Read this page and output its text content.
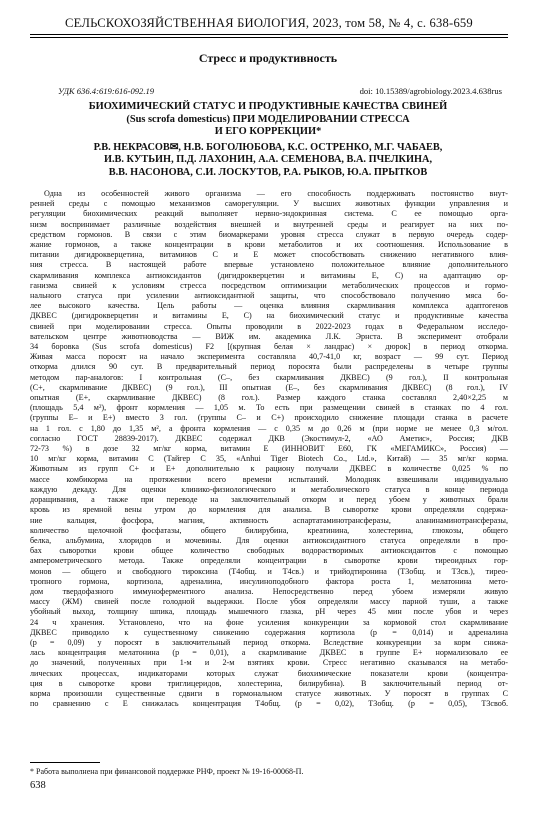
СЕЛЬСКОХОЗЯЙСТВЕННАЯ БИОЛОГИЯ, 2023, том 58, № 4, с. 638-659
Стресс и продуктивность
УДК 636.4:619:616-092.19	doi: 10.15389/agrobiology.2023.4.638rus
БИОХИМИЧЕСКИЙ СТАТУС И ПРОДУКТИВНЫЕ КАЧЕСТВА СВИНЕЙ
(Sus scrofa domesticus) ПРИ МОДЕЛИРОВАНИИ СТРЕССА
И ЕГО КОРРЕКЦИИ*
Р.В. НЕКРАСОВ✉, Н.В. БОГОЛЮБОВА, К.С. ОСТРЕНКО, М.Г. ЧАБАЕВ,
И.В. КУТЬИН, П.Д. ЛАХОНИН, А.А. СЕМЕНОВА, В.А. ПЧЕЛКИНА,
В.В. НАСОНОВА, С.И. ЛОСКУТОВ, Р.А. РЫКОВ, Ю.А. ПРЫТКОВ
Одна из особенностей живого организма — его способность поддерживать постоянство внут-
ренней среды с помощью механизмов саморегуляции. У высших животных функции управления и
регуляции биохимических реакций выполняет нервно-эндокринная система. С ее помощью орга-
низм воспринимает различные воздействия внешней и внутренней среды и реагирует на них по-
средством гормонов. В связи с этим биомаркерами уровня стресса служат в первую очередь содер-
жание гормонов, а также концентрации в крови метаболитов и их соотношения. Использование в
питании дигидрокверцетина, витаминов С и Е может способствовать снижению негативного влия-
ния стресса. В настоящей работе впервые установлено положительное влияние дополнительного
скармливания комплекса антиоксидантов (дигидрокверцетин и витамины Е, С) на адаптацию ор-
ганизма свиней к условиям стресса посредством оптимизации метаболических процессов и гормо-
нального статуса при усилении антиоксидантной защиты, что способствовало получению мяса бо-
лее высокого качества. Цель работы — оценка влияния скармливания комплекса адаптогенов
ДКВЕС (дигидрокверцетин и витамины Е, С) на биохимический статус и продуктивные качества
свиней при моделировании стресса. Опыты проводили в 2022-2023 годах в Федеральном исследо-
вательском центре животноводства — ВИЖ им. академика Л.К. Эрнста. В эксперимент отобрали
34 боровка (Sus scrofa domesticus) F2 [(крупная белая × ландрас) × дюрок] в период откорма.
Живая масса поросят на начало эксперимента составляла 40,7-41,0 кг, возраст — 99 сут. Период
откорма длился 90 сут. В предварительный период поросята были распределены в четыре группы
методом пар-аналогов: I контрольная (С–, без скармливания ДКВЕС) (9 гол.), II контрольная
(С+, скармливание ДКВЕС) (9 гол.), III опытная (Е–, без скармливания ДКВЕС) (8 гол.), IV
опытная (Е+, скармливание ДКВЕС) (8 гол.). Размер каждого станка составлял 2,40×2,25 м
(площадь 5,4 м²), фронт кормления — 1,05 м. То есть при размещении свиней в станках по 4 гол.
(группы Е– и Е+) вместо 3 гол. (группы С– и С+) происходило снижение площади станка в расчете
на 1 гол. с 1,80 до 1,35 м², а фронта кормления — с 0,35 м до 0,26 м (при норме не менее 0,3 м/гол.
согласно ГОСТ 28839-2017). ДКВЕС содержал ДКВ (Экостимул-2, «АО Аметис», Россия; ДКВ
72-73 %) в дозе 32 мг/кг корма, витамин Е (ИННОВИТ Е60, ГК «МЕГАМИКС», Россия) —
10 мг/кг корма, витамин С (Тайгер С 35, «Anhui Tiger Biotech Co., Ltd.», Китай) — 35 мг/кг корма.
Животным из групп С+ и Е+ дополнительно к рациону получали ДКВЕС в количестве 0,025 % по
массе комбикорма на протяжении всего времени испытаний. Молодняк взвешивали индивидуально
каждую декаду. Для оценки клинико-физиологического и метаболического статуса в конце периода
доращивания, а также при переводе на заключительный откорм и перед убоем у животных брали
кровь из яремной вены утром до кормления для анализа. В сыворотке крови определяли содержа-
ние кальция, фосфора, магния, активность аспартатаминотрансферазы, аланинаминотрансферазы,
количество щелочной фосфатазы, общего билирубина, креатинина, холестерина, глюкозы, общего
белка, альбумина, хлоридов и мочевины. Для оценки антиоксидантного статуса определяли в про-
бах сыворотки крови общее количество свободных водорастворимых антиоксидантов с помощью
амперометрического метода. Также определяли концентрации в сыворотке крови тиреоидных гор-
монов — общего и свободного тироксина (Т4общ. и Т4св.) и трийодтиронина (Т3общ. и Т3св.), тирео-
тропного гормона, кортизола, адреналина, инсулиноподобного фактора роста 1, мелатонина мето-
дом твердофазного иммуноферментного анализа. Непосредственно перед убоем измеряли живую
массу (ЖМ) свиней после голодной выдержки. После убоя определяли массу парной туши, а также
убойный выход, толщину шпика, площадь мышечного глазка, рН через 45 мин после убоя и через
24 ч хранения. Установлено, что на фоне усиления конкуренции за кормовой стол скармливание
ДКВЕС приводило к существенному снижению содержания кортизола (р = 0,014) и адреналина
(р = 0,09) у поросят в заключительный период откорма. Вследствие конкуренции за корм снижа-
лась концентрация мелатонина (р = 0,01), а скармливание ДКВЕС в группе Е+ нормализовало ее
до значений, полученных при 1-м и 2-м взятиях крови. Стресс негативно сказывался на метабо-
лических процессах, индикаторами которых служат биохимические показатели крови (концентра-
ция в сыворотке крови триглицеридов, холестерина, билирубина). В заключительный период от-
корма произошли существенные сдвиги в гормональном статусе животных. У поросят в группах С
по сравнению с Е снижалась концентрация Т4общ. (р = 0,02), Т3общ. (р = 0,05), Т3своб.
* Работа выполнена при финансовой поддержке РНФ, проект № 19-16-00068-П.
638
